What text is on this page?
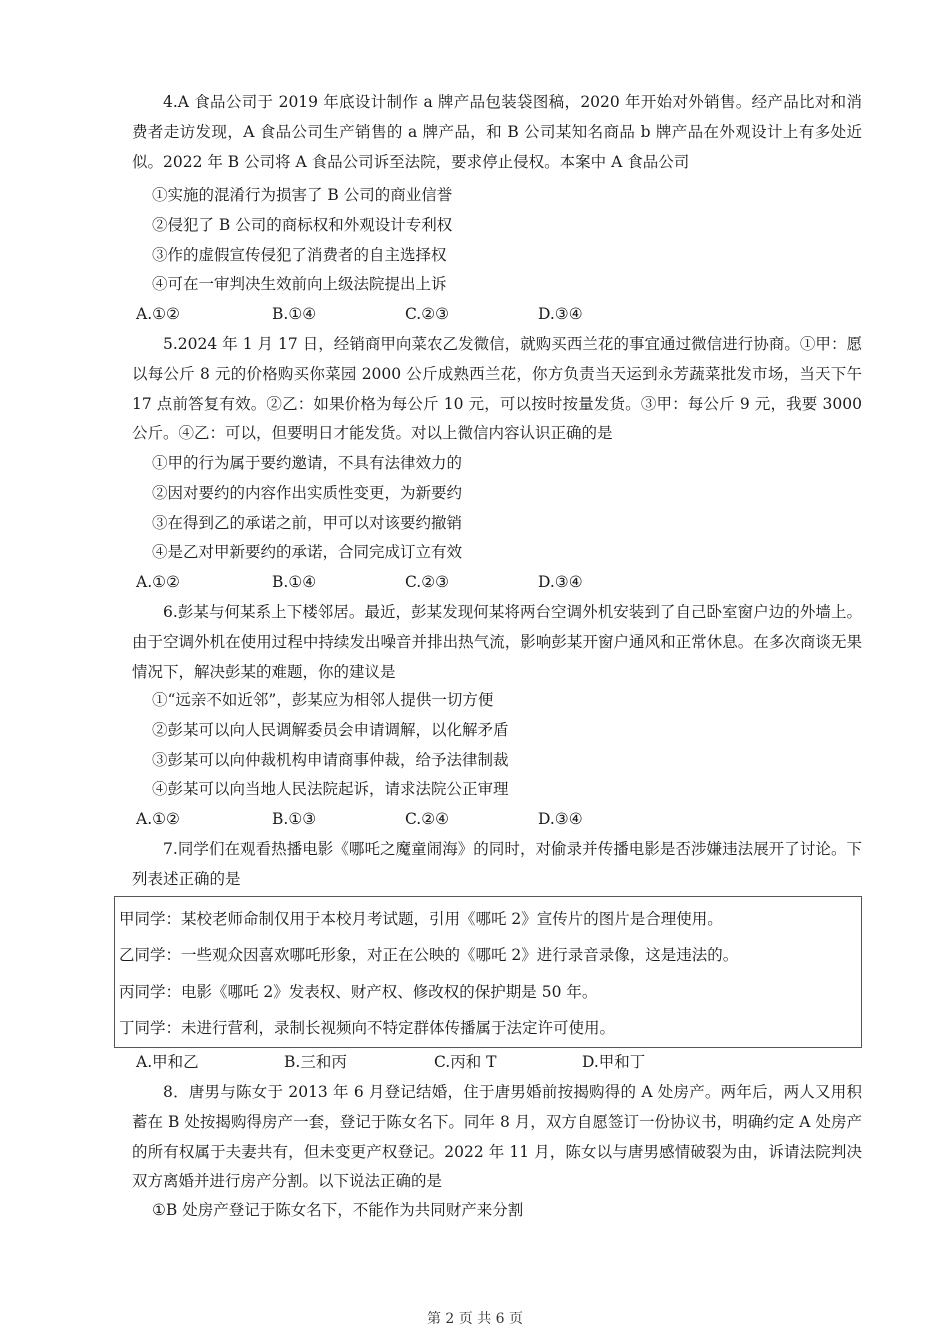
4.A 食品公司于 2019 年底设计制作 a 牌产品包装袋图稿，2020 年开始对外销售。经产品比对和消费者走访发现，A 食品公司生产销售的 a 牌产品，和 B 公司某知名商品 b 牌产品在外观设计上有多处近似。2022 年 B 公司将 A 食品公司诉至法院，要求停止侵权。本案中 A 食品公司

①实施的混淆行为损害了 B 公司的商业信誉
②侵犯了 B 公司的商标权和外观设计专利权
③作的虚假宣传侵犯了消费者的自主选择权
④可在一审判决生效前向上级法院提出上诉
A.①②	B.①④	C.②③	D.③④

5.2024 年 1 月 17 日，经销商甲向菜农乙发微信，就购买西兰花的事宜通过微信进行协商。①甲：愿以每公斤 8 元的价格购买你菜园 2000 公斤成熟西兰花，你方负责当天运到永芳蔬菜批发市场，当天下午 17 点前答复有效。②乙：如果价格为每公斤 10 元，可以按时按量发货。③甲：每公斤 9 元，我要 3000 公斤。④乙：可以，但要明日才能发货。对以上微信内容认识正确的是

①甲的行为属于要约邀请，不具有法律效力的
②因对要约的内容作出实质性变更，为新要约
③在得到乙的承诺之前，甲可以对该要约撤销
④是乙对甲新要约的承诺，合同完成订立有效
A.①②	B.①④	C.②③	D.③④

6.彭某与何某系上下楼邻居。最近，彭某发现何某将两台空调外机安装到了自己卧室窗户边的外墙上。由于空调外机在使用过程中持续发出噪音并排出热气流，影响彭某开窗户通风和正常休息。在多次商谈无果情况下，解决彭某的难题，你的建议是

①“远亲不如近邻”，彭某应为相邻人提供一切方便
②彭某可以向人民调解委员会申请调解，以化解矛盾
③彭某可以向仲裁机构申请商事仲裁，给予法律制裁
④彭某可以向当地人民法院起诉，请求法院公正审理
A.①②	B.①③	C.②④	D.③④

7.同学们在观看热播电影《哪吒之魔童闹海》的同时，对偷录并传播电影是否涉嫌违法展开了讨论。下列表述正确的是

甲同学：某校老师命制仅用于本校月考试题，引用《哪吒 2》宣传片的图片是合理使用。
乙同学：一些观众因喜欢哪吒形象，对正在公映的《哪吒 2》进行录音录像，这是违法的。
丙同学：电影《哪吒 2》发表权、财产权、修改权的保护期是 50 年。
丁同学：未进行营利，录制长视频向不特定群体传播属于法定许可使用。
A.甲和乙	B.三和丙	C.丙和 T	D.甲和丁

8．唐男与陈女于 2013 年 6 月登记结婚，住于唐男婚前按揭购得的 A 处房产。两年后，两人又用积蓄在 B 处按揭购得房产一套，登记于陈女名下。同年 8 月，双方自愿签订一份协议书，明确约定 A 处房产的所有权属于夫妻共有，但未变更产权登记。2022 年 11 月，陈女以与唐男感情破裂为由，诉请法院判决双方离婚并进行房产分割。以下说法正确的是

①B 处房产登记于陈女名下，不能作为共同财产来分割
第 2 页 共 6 页
